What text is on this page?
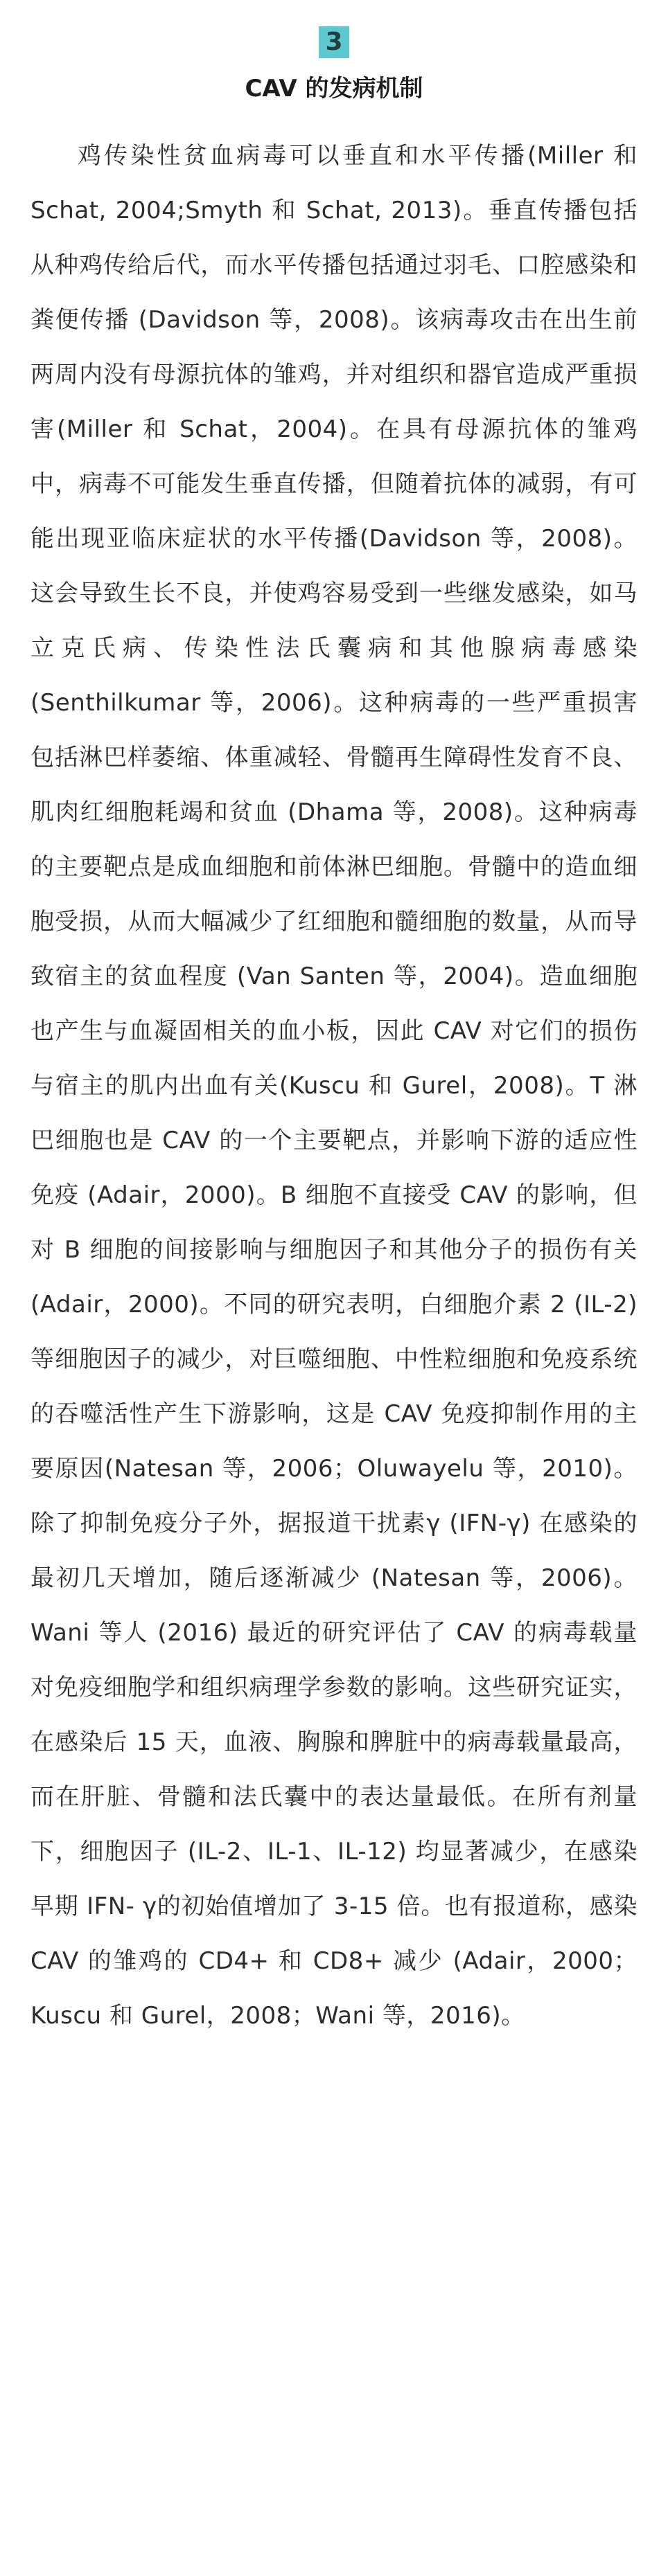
3
CAV 的发病机制

鸡传染性贫血病毒可以垂直和水平传播(Miller 和 Schat, 2004;Smyth 和 Schat, 2013)。垂直传播包括从种鸡传给后代，而水平传播包括通过羽毛、口腔感染和粪便传播 (Davidson 等，2008)。该病毒攻击在出生前两周内没有母源抗体的雏鸡，并对组织和器官造成严重损害(Miller 和 Schat，2004)。在具有母源抗体的雏鸡中，病毒不可能发生垂直传播，但随着抗体的减弱，有可能出现亚临床症状的水平传播(Davidson 等，2008)。这会导致生长不良，并使鸡容易受到一些继发感染，如马立克氏病、传染性法氏囊病和其他腺病毒感染 (Senthilkumar 等，2006)。这种病毒的一些严重损害包括淋巴样萎缩、体重减轻、骨髓再生障碍性发育不良、肌肉红细胞耗竭和贫血 (Dhama 等，2008)。这种病毒的主要靶点是成血细胞和前体淋巴细胞。骨髓中的造血细胞受损，从而大幅减少了红细胞和髓细胞的数量，从而导致宿主的贫血程度 (Van Santen 等，2004)。造血细胞也产生与血凝固相关的血小板，因此 CAV 对它们的损伤与宿主的肌内出血有关(Kuscu 和 Gurel，2008)。T 淋巴细胞也是 CAV 的一个主要靶点，并影响下游的适应性免疫 (Adair，2000)。B 细胞不直接受 CAV 的影响，但对 B 细胞的间接影响与细胞因子和其他分子的损伤有关 (Adair，2000)。不同的研究表明，白细胞介素 2 (IL-2) 等细胞因子的减少，对巨噬细胞、中性粒细胞和免疫系统的吞噬活性产生下游影响，这是 CAV 免疫抑制作用的主要原因(Natesan 等，2006；Oluwayelu 等，2010)。除了抑制免疫分子外，据报道干扰素γ (IFN-γ) 在感染的最初几天增加，随后逐渐减少 (Natesan 等，2006)。Wani 等人 (2016) 最近的研究评估了 CAV 的病毒载量对免疫细胞学和组织病理学参数的影响。这些研究证实，在感染后 15 天，血液、胸腺和脾脏中的病毒载量最高，而在肝脏、骨髓和法氏囊中的表达量最低。在所有剂量下，细胞因子 (IL-2、IL-1、IL-12) 均显著减少，在感染早期 IFN- γ的初始值增加了 3-15 倍。也有报道称，感染 CAV 的雏鸡的 CD4+ 和 CD8+ 减少 (Adair，2000；Kuscu 和 Gurel，2008；Wani 等，2016)。
